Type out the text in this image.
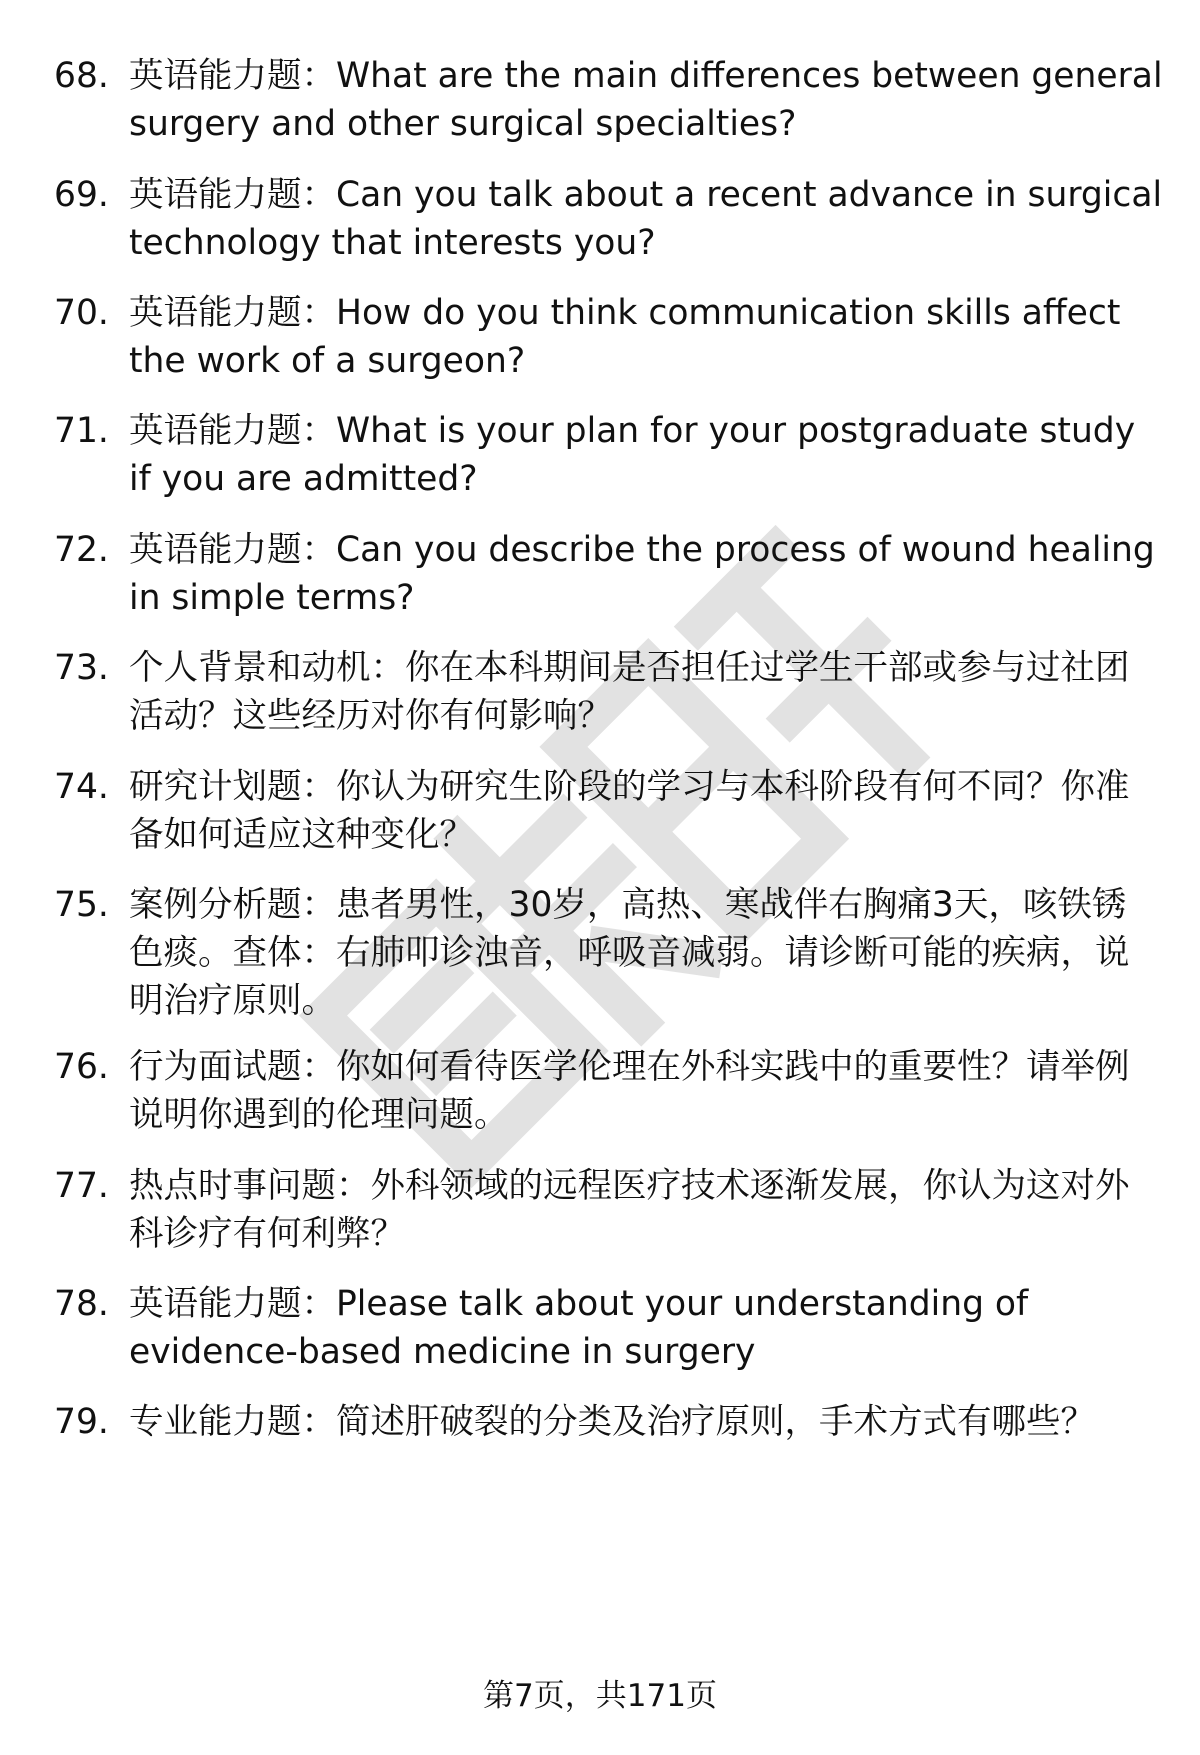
68. 英语能力题：What are the main differences between general surgery and other surgical specialties?
69. 英语能力题：Can you talk about a recent advance in surgical technology that interests you?
70. 英语能力题：How do you think communication skills affect the work of a surgeon?
71. 英语能力题：What is your plan for your postgraduate study if you are admitted?
72. 英语能力题：Can you describe the process of wound healing in simple terms?
73. 个人背景和动机：你在本科期间是否担任过学生干部或参与过社团活动？这些经历对你有何影响？
74. 研究计划题：你认为研究生阶段的学习与本科阶段有何不同？你准备如何适应这种变化？
75. 案例分析题：患者男性，30岁，高热、寒战伴右胸痛3天，咳铁锈色痰。查体：右肺叩诊浊音，呼吸音减弱。请诊断可能的疾病，说明治疗原则。
76. 行为面试题：你如何看待医学伦理在外科实践中的重要性？请举例说明你遇到的伦理问题。
77. 热点时事问题：外科领域的远程医疗技术逐渐发展，你认为这对外科诊疗有何利弊？
78. 英语能力题：Please talk about your understanding of evidence-based medicine in surgery
79. 专业能力题：简述肝破裂的分类及治疗原则，手术方式有哪些？
第7页，共171页
